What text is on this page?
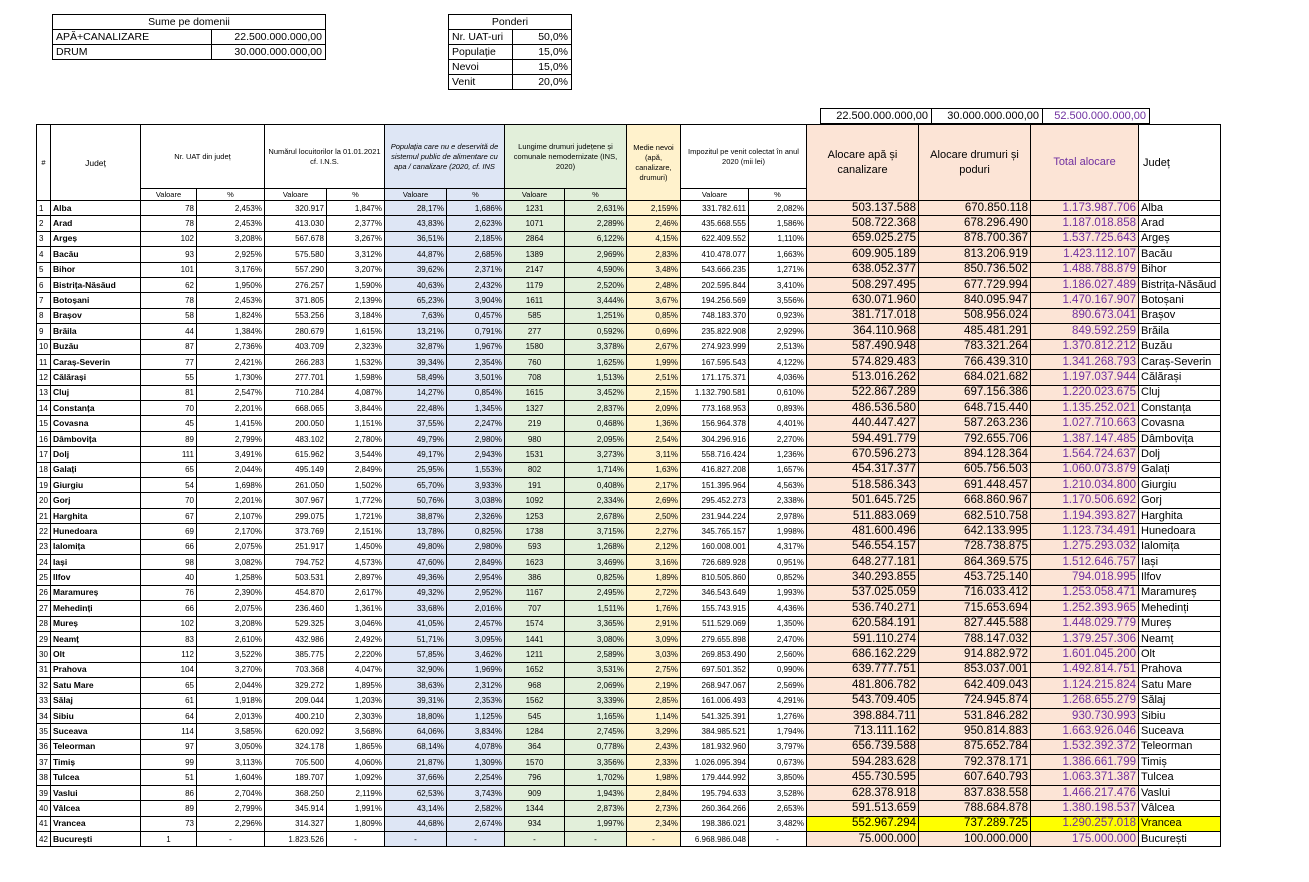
Sume pe domenii	
APĂ+CANALIZARE	22.500.000.000,00
DRUM	30.000.000.000,00
Ponderi	
Nr. UAT-uri	50,0%
Populație	15,0%
Nevoi	15,0%
Venit	20,0%
22.500.000.000,00	30.000.000.000,00	52.500.000.000,00
#	Județ	Nr. UAT din județ		Numărul locuitorilor la 01.01.2021 cf. I.N.S.		Populația care nu e deservită de sistemul public de alimentare cu apa / canalizare (2020, cf. INS		Lungime drumuri județene și comunale nemodernizate (INS, 2020)		Medie nevoi (apă, canalizare, drumuri)	Impozitul pe venit colectat în anul 2020 (mii lei)		Alocare apă și canalizare	Alocare drumuri și poduri	Total alocare	Județ
		Valoare	%	Valoare	%	Valoare	%	Valoare	%		Valoare	%				
1	Alba	78	2,453%	320.917	1,847%	28,17%	1,686%	1231	2,631%	2,159%	331.782.611	2,082%	503.137.588	670.850.118	1.173.987.706	Alba
2	Arad	78	2,453%	413.030	2,377%	43,83%	2,623%	1071	2,289%	2,46%	435.668.555	1,586%	508.722.368	678.296.490	1.187.018.858	Arad
3	Argeș	102	3,208%	567.678	3,267%	36,51%	2,185%	2864	6,122%	4,15%	622.409.552	1,110%	659.025.275	878.700.367	1.537.725.643	Argeș
4	Bacău	93	2,925%	575.580	3,312%	44,87%	2,685%	1389	2,969%	2,83%	410.478.077	1,663%	609.905.189	813.206.919	1.423.112.107	Bacău
5	Bihor	101	3,176%	557.290	3,207%	39,62%	2,371%	2147	4,590%	3,48%	543.666.235	1,271%	638.052.377	850.736.502	1.488.788.879	Bihor
6	Bistrița-Năsăud	62	1,950%	276.257	1,590%	40,63%	2,432%	1179	2,520%	2,48%	202.595.844	3,410%	508.297.495	677.729.994	1.186.027.489	Bistrița-Năsăud
7	Botoșani	78	2,453%	371.805	2,139%	65,23%	3,904%	1611	3,444%	3,67%	194.256.569	3,556%	630.071.960	840.095.947	1.470.167.907	Botoșani
8	Brașov	58	1,824%	553.256	3,184%	7,63%	0,457%	585	1,251%	0,85%	748.183.370	0,923%	381.717.018	508.956.024	890.673.041	Brașov
9	Brăila	44	1,384%	280.679	1,615%	13,21%	0,791%	277	0,592%	0,69%	235.822.908	2,929%	364.110.968	485.481.291	849.592.259	Brăila
10	Buzău	87	2,736%	403.709	2,323%	32,87%	1,967%	1580	3,378%	2,67%	274.923.999	2,513%	587.490.948	783.321.264	1.370.812.212	Buzău
11	Caraș-Severin	77	2,421%	266.283	1,532%	39,34%	2,354%	760	1,625%	1,99%	167.595.543	4,122%	574.829.483	766.439.310	1.341.268.793	Caraș-Severin
12	Călărași	55	1,730%	277.701	1,598%	58,49%	3,501%	708	1,513%	2,51%	171.175.371	4,036%	513.016.262	684.021.682	1.197.037.944	Călărași
13	Cluj	81	2,547%	710.284	4,087%	14,27%	0,854%	1615	3,452%	2,15%	1.132.790.581	0,610%	522.867.289	697.156.386	1.220.023.675	Cluj
14	Constanța	70	2,201%	668.065	3,844%	22,48%	1,345%	1327	2,837%	2,09%	773.168.953	0,893%	486.536.580	648.715.440	1.135.252.021	Constanța
15	Covasna	45	1,415%	200.050	1,151%	37,55%	2,247%	219	0,468%	1,36%	156.964.378	4,401%	440.447.427	587.263.236	1.027.710.663	Covasna
16	Dâmbovița	89	2,799%	483.102	2,780%	49,79%	2,980%	980	2,095%	2,54%	304.296.916	2,270%	594.491.779	792.655.706	1.387.147.485	Dâmbovița
17	Dolj	111	3,491%	615.962	3,544%	49,17%	2,943%	1531	3,273%	3,11%	558.716.424	1,236%	670.596.273	894.128.364	1.564.724.637	Dolj
18	Galați	65	2,044%	495.149	2,849%	25,95%	1,553%	802	1,714%	1,63%	416.827.208	1,657%	454.317.377	605.756.503	1.060.073.879	Galați
19	Giurgiu	54	1,698%	261.050	1,502%	65,70%	3,933%	191	0,408%	2,17%	151.395.964	4,563%	518.586.343	691.448.457	1.210.034.800	Giurgiu
20	Gorj	70	2,201%	307.967	1,772%	50,76%	3,038%	1092	2,334%	2,69%	295.452.273	2,338%	501.645.725	668.860.967	1.170.506.692	Gorj
21	Harghita	67	2,107%	299.075	1,721%	38,87%	2,326%	1253	2,678%	2,50%	231.944.224	2,978%	511.883.069	682.510.758	1.194.393.827	Harghita
22	Hunedoara	69	2,170%	373.769	2,151%	13,78%	0,825%	1738	3,715%	2,27%	345.765.157	1,998%	481.600.496	642.133.995	1.123.734.491	Hunedoara
23	Ialomița	66	2,075%	251.917	1,450%	49,80%	2,980%	593	1,268%	2,12%	160.008.001	4,317%	546.554.157	728.738.875	1.275.293.032	Ialomița
24	Iași	98	3,082%	794.752	4,573%	47,60%	2,849%	1623	3,469%	3,16%	726.689.928	0,951%	648.277.181	864.369.575	1.512.646.757	Iași
25	Ilfov	40	1,258%	503.531	2,897%	49,36%	2,954%	386	0,825%	1,89%	810.505.860	0,852%	340.293.855	453.725.140	794.018.995	Ilfov
26	Maramureș	76	2,390%	454.870	2,617%	49,32%	2,952%	1167	2,495%	2,72%	346.543.649	1,993%	537.025.059	716.033.412	1.253.058.471	Maramureș
27	Mehedinți	66	2,075%	236.460	1,361%	33,68%	2,016%	707	1,511%	1,76%	155.743.915	4,436%	536.740.271	715.653.694	1.252.393.965	Mehedinți
28	Mureș	102	3,208%	529.325	3,046%	41,05%	2,457%	1574	3,365%	2,91%	511.529.069	1,350%	620.584.191	827.445.588	1.448.029.779	Mureș
29	Neamț	83	2,610%	432.986	2,492%	51,71%	3,095%	1441	3,080%	3,09%	279.655.898	2,470%	591.110.274	788.147.032	1.379.257.306	Neamț
30	Olt	112	3,522%	385.775	2,220%	57,85%	3,462%	1211	2,589%	3,03%	269.853.490	2,560%	686.162.229	914.882.972	1.601.045.200	Olt
31	Prahova	104	3,270%	703.368	4,047%	32,90%	1,969%	1652	3,531%	2,75%	697.501.352	0,990%	639.777.751	853.037.001	1.492.814.751	Prahova
32	Satu Mare	65	2,044%	329.272	1,895%	38,63%	2,312%	968	2,069%	2,19%	268.947.067	2,569%	481.806.782	642.409.043	1.124.215.824	Satu Mare
33	Sălaj	61	1,918%	209.044	1,203%	39,31%	2,353%	1562	3,339%	2,85%	161.006.493	4,291%	543.709.405	724.945.874	1.268.655.279	Sălaj
34	Sibiu	64	2,013%	400.210	2,303%	18,80%	1,125%	545	1,165%	1,14%	541.325.391	1,276%	398.884.711	531.846.282	930.730.993	Sibiu
35	Suceava	114	3,585%	620.092	3,568%	64,06%	3,834%	1284	2,745%	3,29%	384.985.521	1,794%	713.111.162	950.814.883	1.663.926.046	Suceava
36	Teleorman	97	3,050%	324.178	1,865%	68,14%	4,078%	364	0,778%	2,43%	181.932.960	3,797%	656.739.588	875.652.784	1.532.392.372	Teleorman
37	Timiș	99	3,113%	705.500	4,060%	21,87%	1,309%	1570	3,356%	2,33%	1.026.095.394	0,673%	594.283.628	792.378.171	1.386.661.799	Timiș
38	Tulcea	51	1,604%	189.707	1,092%	37,66%	2,254%	796	1,702%	1,98%	179.444.992	3,850%	455.730.595	607.640.793	1.063.371.387	Tulcea
39	Vaslui	86	2,704%	368.250	2,119%	62,53%	3,743%	909	1,943%	2,84%	195.794.633	3,528%	628.378.918	837.838.558	1.466.217.476	Vaslui
40	Vâlcea	89	2,799%	345.914	1,991%	43,14%	2,582%	1344	2,873%	2,73%	260.364.266	2,653%	591.513.659	788.684.878	1.380.198.537	Vâlcea
41	Vrancea	73	2,296%	314.327	1,809%	44,68%	2,674%	934	1,997%	2,34%	198.386.021	3,482%	552.967.294	737.289.725	1.290.257.018	Vrancea
42	București	1	-	1.823.526	-	-	-	-	-	-	6.968.986.048	-	75.000.000	100.000.000	175.000.000	București
